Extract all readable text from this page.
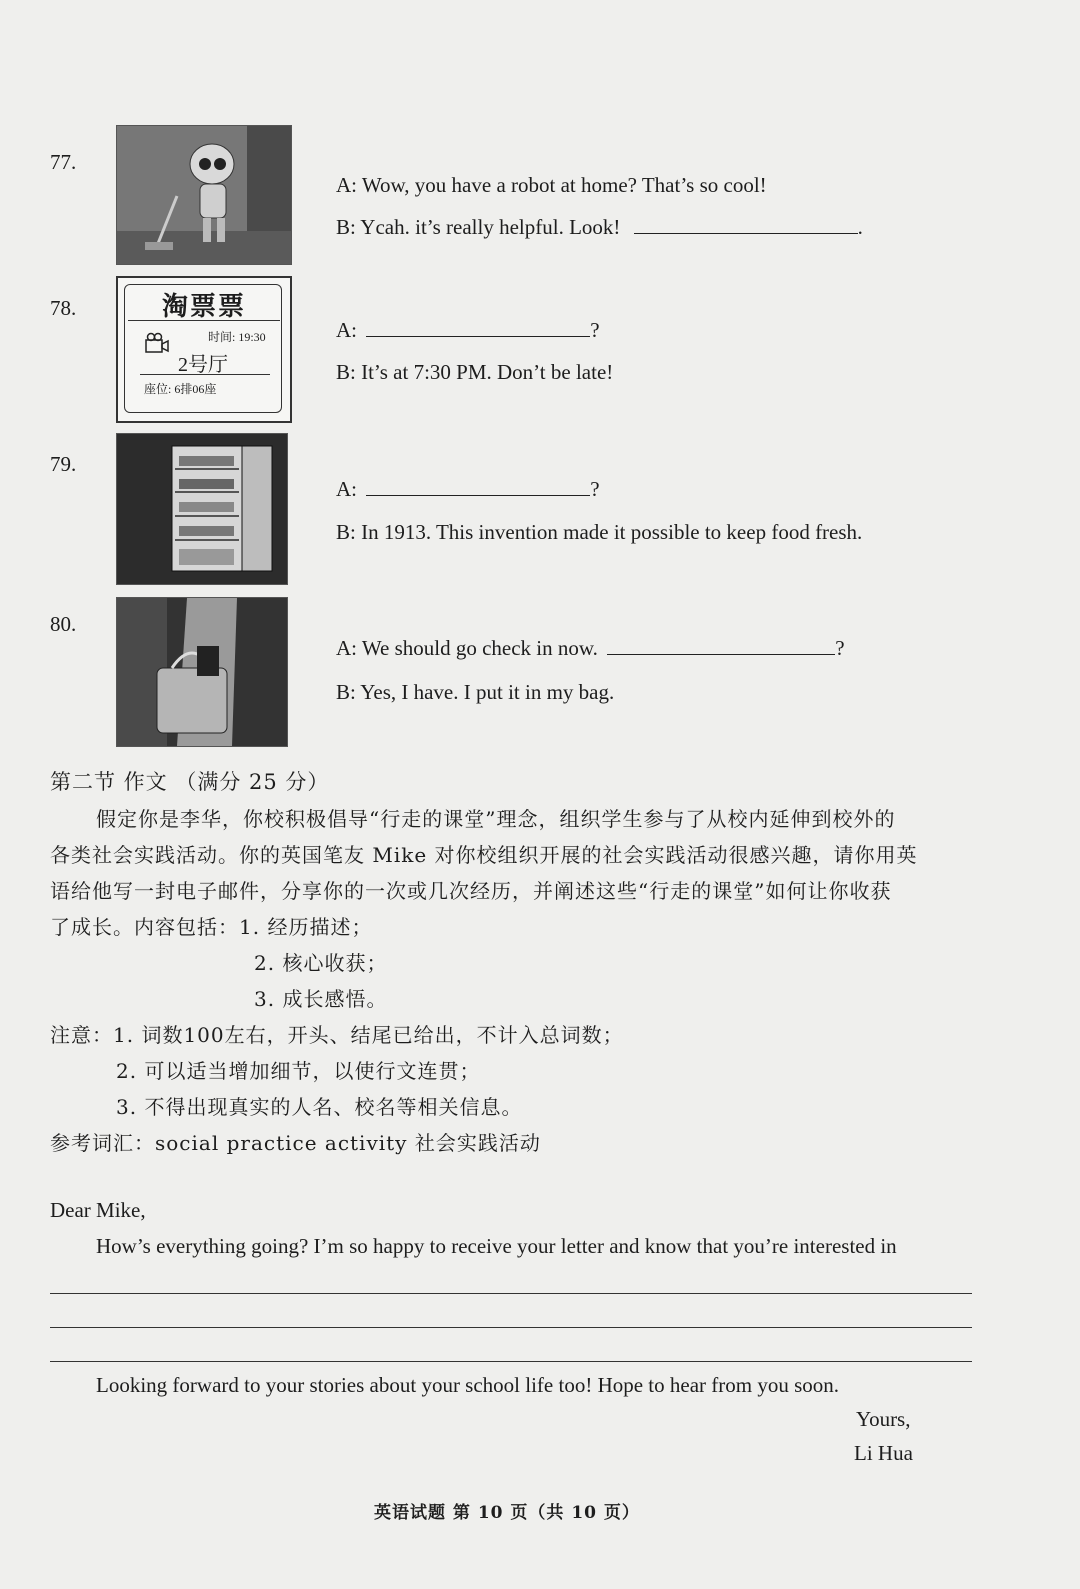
77.
A: Wow, you have a robot at home? That’s so cool!
B: Ycah. it’s really helpful. Look!	.
78.	淘票票
时间: 19:30
2号厅
座位: 6排06座
A:	?
B: It’s at 7:30 PM. Don’t be late!
79.
A:	?
B: In 1913. This invention made it possible to keep food fresh.
80.
A: We should go check in now.	?
B: Yes, I have. I put it in my bag.
第二节 作文 （满分 25 分）
假定你是李华，你校积极倡导“行走的课堂”理念，组织学生参与了从校内延伸到校外的
各类社会实践活动。你的英国笔友 Mike 对你校组织开展的社会实践活动很感兴趣，请你用英
语给他写一封电子邮件，分享你的一次或几次经历，并阐述这些“行走的课堂”如何让你收获
了成长。内容包括：1. 经历描述；
2. 核心收获；
3. 成长感悟。
注意：1. 词数100左右，开头、结尾已给出，不计入总词数；
2. 可以适当增加细节，以使行文连贯；
3. 不得出现真实的人名、校名等相关信息。
参考词汇：social practice activity 社会实践活动
Dear Mike,
How’s everything going? I’m so happy to receive your letter and know that you’re interested in
Looking forward to your stories about your school life too! Hope to hear from you soon.
Yours,
Li Hua
英语试题 第 10 页（共 10 页）
